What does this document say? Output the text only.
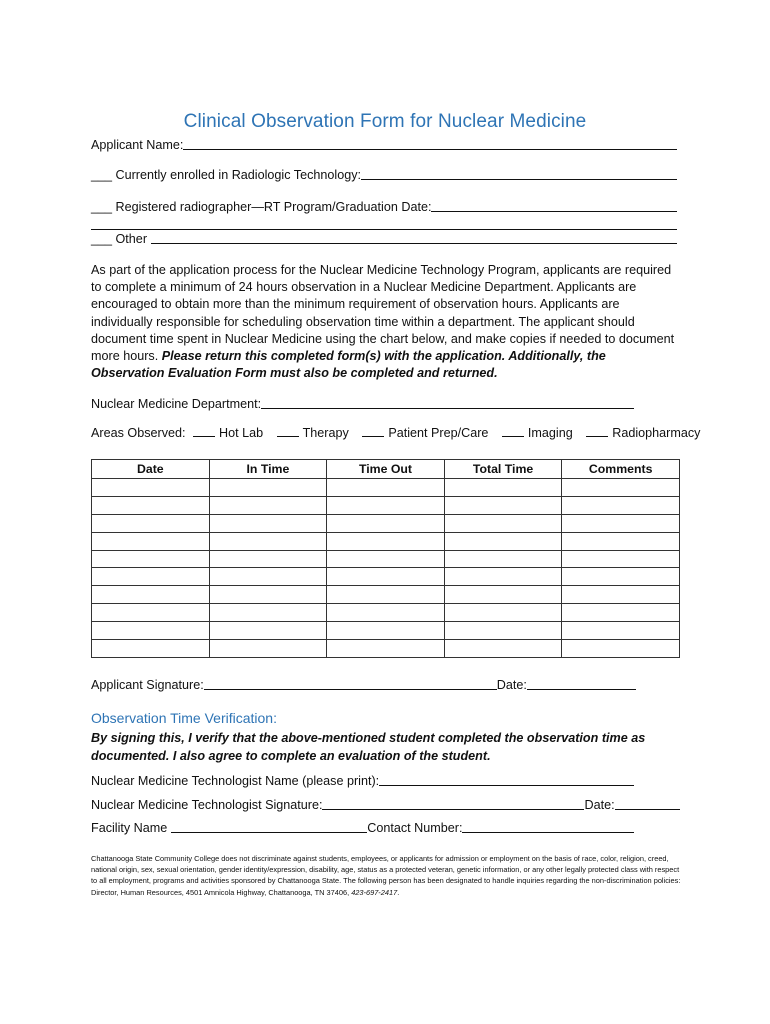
Clinical Observation Form for Nuclear Medicine
Applicant Name:
___ Currently enrolled in Radiologic Technology:
___ Registered radiographer—RT Program/Graduation Date:
___ Other
As part of the application process for the Nuclear Medicine Technology Program, applicants are required to complete a minimum of 24 hours observation in a Nuclear Medicine Department. Applicants are encouraged to obtain more than the minimum requirement of observation hours. Applicants are individually responsible for scheduling observation time within a department. The applicant should document time spent in Nuclear Medicine using the chart below, and make copies if needed to document more hours. Please return this completed form(s) with the application. Additionally, the Observation Evaluation Form must also be completed and returned.
Nuclear Medicine Department:
Areas Observed:	Hot Lab	Therapy	Patient Prep/Care	Imaging	Radiopharmacy
Date	In Time	Time Out	Total Time	Comments

Applicant Signature:	Date:
Observation Time Verification:
By signing this, I verify that the above-mentioned student completed the observation time as documented. I also agree to complete an evaluation of the student.
Nuclear Medicine Technologist Name (please print):
Nuclear Medicine Technologist Signature:	Date:
Facility Name	Contact Number:
Chattanooga State Community College does not discriminate against students, employees, or applicants for admission or employment on the basis of race, color, religion, creed, national origin, sex, sexual orientation, gender identity/expression, disability, age, status as a protected veteran, genetic information, or any other legally protected class with respect to all employment, programs and activities sponsored by Chattanooga State. The following person has been designated to handle inquiries regarding the non-discrimination policies: Director, Human Resources, 4501 Amnicola Highway, Chattanooga, TN 37406, 423-697-2417.
